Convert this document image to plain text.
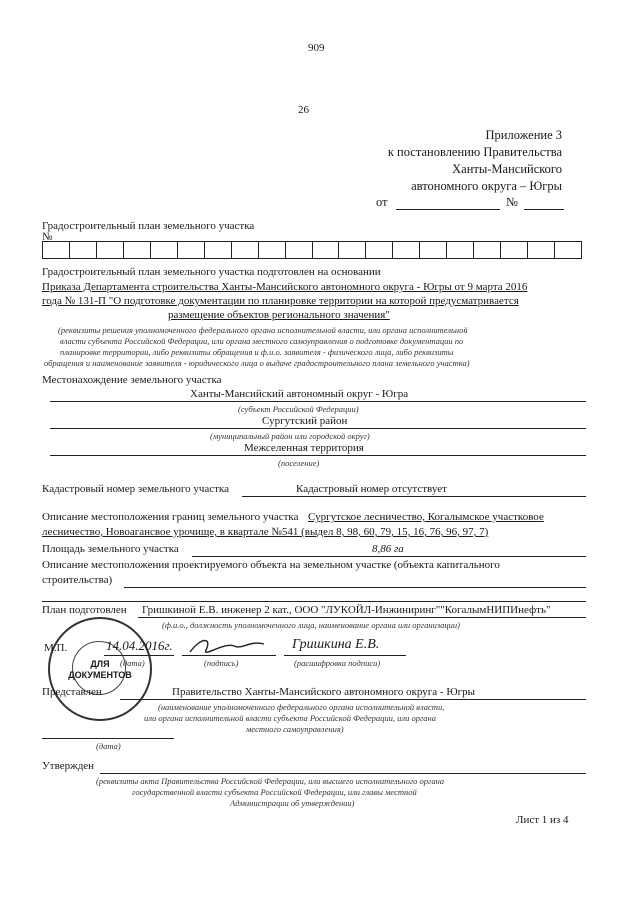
909
26
Приложение 3
к постановлению Правительства
Ханты-Мансийского
автономного округа – Югры
от	№
Градостроительный план земельного участка
№
Градостроительный план земельного участка подготовлен на основании
Приказа Департамента строительства Ханты-Мансийского автономного округа - Югры от 9 марта 2016
года № 131-П "О подготовке документации по планировке территории на которой предусматривается
размещение объектов регионального значения"
(реквизиты решения уполномоченного федерального органа исполнительной власти, или органа исполнительной
власти субъекта Российской Федерации, или органа местного самоуправления о подготовке документации по
планировке территории, либо реквизиты обращения и ф.и.о. заявителя - физического лица, либо реквизиты
обращения и наименование заявителя - юридического лица о выдаче градостроительного плана земельного участка)
Местонахождение земельного участка
Ханты-Мансийский автономный округ - Югра
(субъект Российской Федерации)
Сургутский район
(муниципальный район или городской округ)
Межселенная территория
(поселение)
Кадастровый номер земельного участка	Кадастровый номер отсутствует
Описание местоположения границ земельного участка Сургутское лесничество, Когалымское участковое
лесничество, Новоагансвое урочище, в квартале №541 (выдел 8, 98, 60, 79, 15, 16, 76, 96, 97, 7)
Площадь земельного участка	8,86 га
Описание местоположения проектируемого объекта на земельном участке (объекта капитального
строительства)
План подготовлен Гришкиной Е.В. инженер 2 кат., ООО "ЛУКОЙЛ-Инжиниринг""КогалымНИПИнефть"
(ф.и.о., должность уполномоченного лица, наименование органа или организации)
ДЛЯ
ДОКУМЕНТОВ
М.П.	14.04.2016г.
(дата)	(подпись)
Гришкина Е.В.
(расшифровка подписи)
Представлен	Правительство Ханты-Мансийского автономного округа - Югры
(наименование уполномоченного федерального органа исполнительной власти,
или органа исполнительной власти субъекта Российской Федерации, или органа
местного самоуправления)
(дата)
Утвержден
(реквизиты акта Правительства Российской Федерации, или высшего исполнительного органа
государственной власти субъекта Российской Федерации, или главы местной
Администрации об утверждении)
Лист 1 из 4
